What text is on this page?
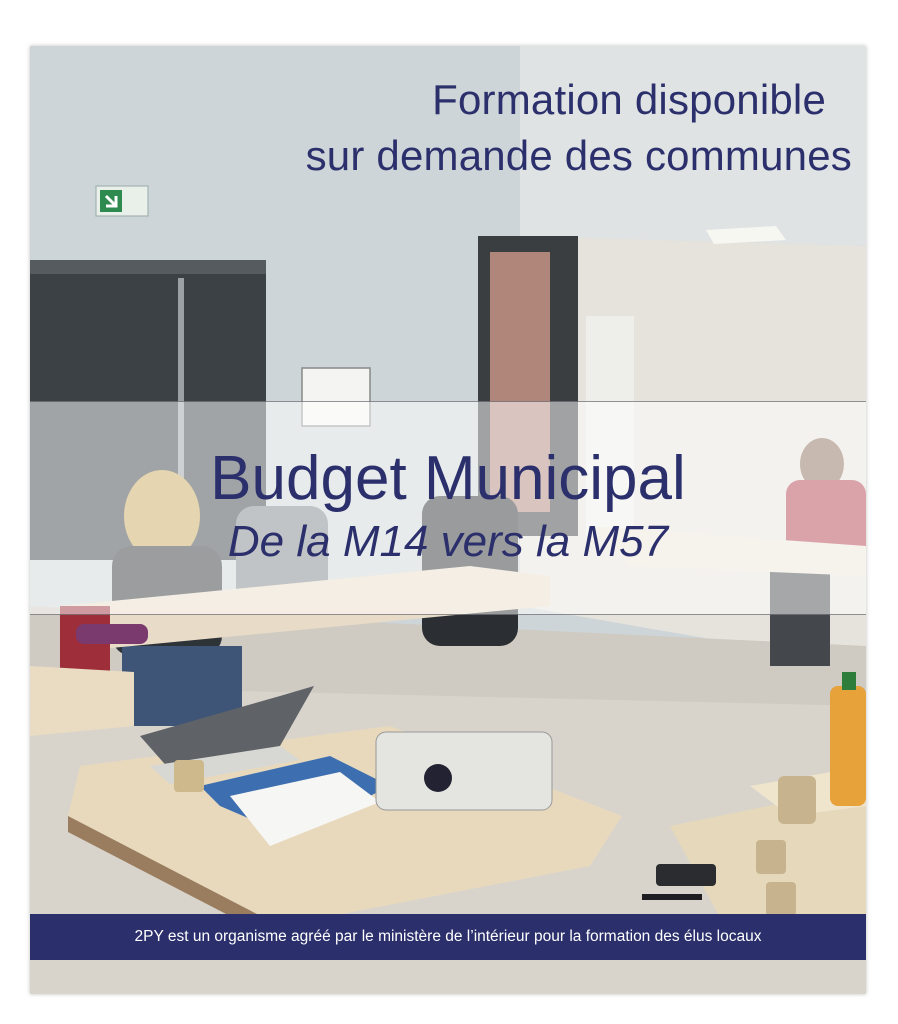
Formation disponible
sur demande des communes
Budget Municipal
De la M14 vers la M57
2PY est un organisme agréé par le ministère de l’intérieur pour la formation des élus locaux
